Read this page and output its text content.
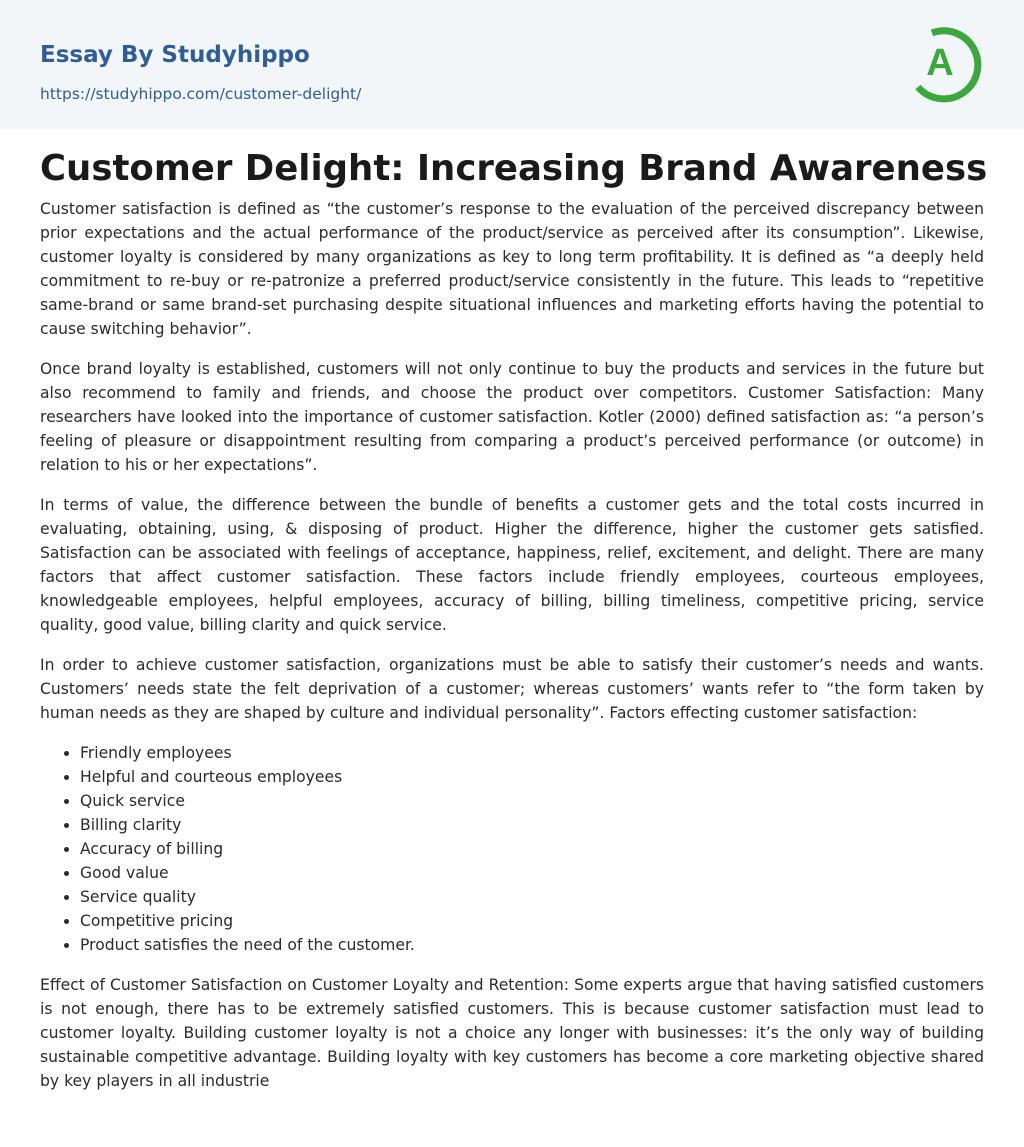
Essay By Studyhippo
https://studyhippo.com/customer-delight/
A
Customer Delight: Increasing Brand Awareness

Customer satisfaction is defined as “the customer’s response to the evaluation of the perceived discrepancy between prior expectations and the actual performance of the product/service as perceived after its consumption”. Likewise, customer loyalty is considered by many organizations as key to long term profitability. It is defined as “a deeply held commitment to re-buy or re-patronize a preferred product/service consistently in the future. This leads to “repetitive same-brand or same brand-set purchasing despite situational influences and marketing efforts having the potential to cause switching behavior”.

Once brand loyalty is established, customers will not only continue to buy the products and services in the future but also recommend to family and friends, and choose the product over competitors. Customer Satisfaction: Many researchers have looked into the importance of customer satisfaction. Kotler (2000) defined satisfaction as: “a person’s feeling of pleasure or disappointment resulting from comparing a product’s perceived performance (or outcome) in relation to his or her expectations”.

In terms of value, the difference between the bundle of benefits a customer gets and the total costs incurred in evaluating, obtaining, using, & disposing of product. Higher the difference, higher the customer gets satisfied. Satisfaction can be associated with feelings of acceptance, happiness, relief, excitement, and delight. There are many factors that affect customer satisfaction. These factors include friendly employees, courteous employees, knowledgeable employees, helpful employees, accuracy of billing, billing timeliness, competitive pricing, service quality, good value, billing clarity and quick service.

In order to achieve customer satisfaction, organizations must be able to satisfy their customer’s needs and wants. Customers’ needs state the felt deprivation of a customer; whereas customers’ wants refer to “the form taken by human needs as they are shaped by culture and individual personality”. Factors effecting customer satisfaction:

• Friendly employees
• Helpful and courteous employees
• Quick service
• Billing clarity
• Accuracy of billing
• Good value
• Service quality
• Competitive pricing
• Product satisfies the need of the customer.

Effect of Customer Satisfaction on Customer Loyalty and Retention: Some experts argue that having satisfied customers is not enough, there has to be extremely satisfied customers. This is because customer satisfaction must lead to customer loyalty. Building customer loyalty is not a choice any longer with businesses: it’s the only way of building sustainable competitive advantage. Building loyalty with key customers has become a core marketing objective shared by key players in all industrie
